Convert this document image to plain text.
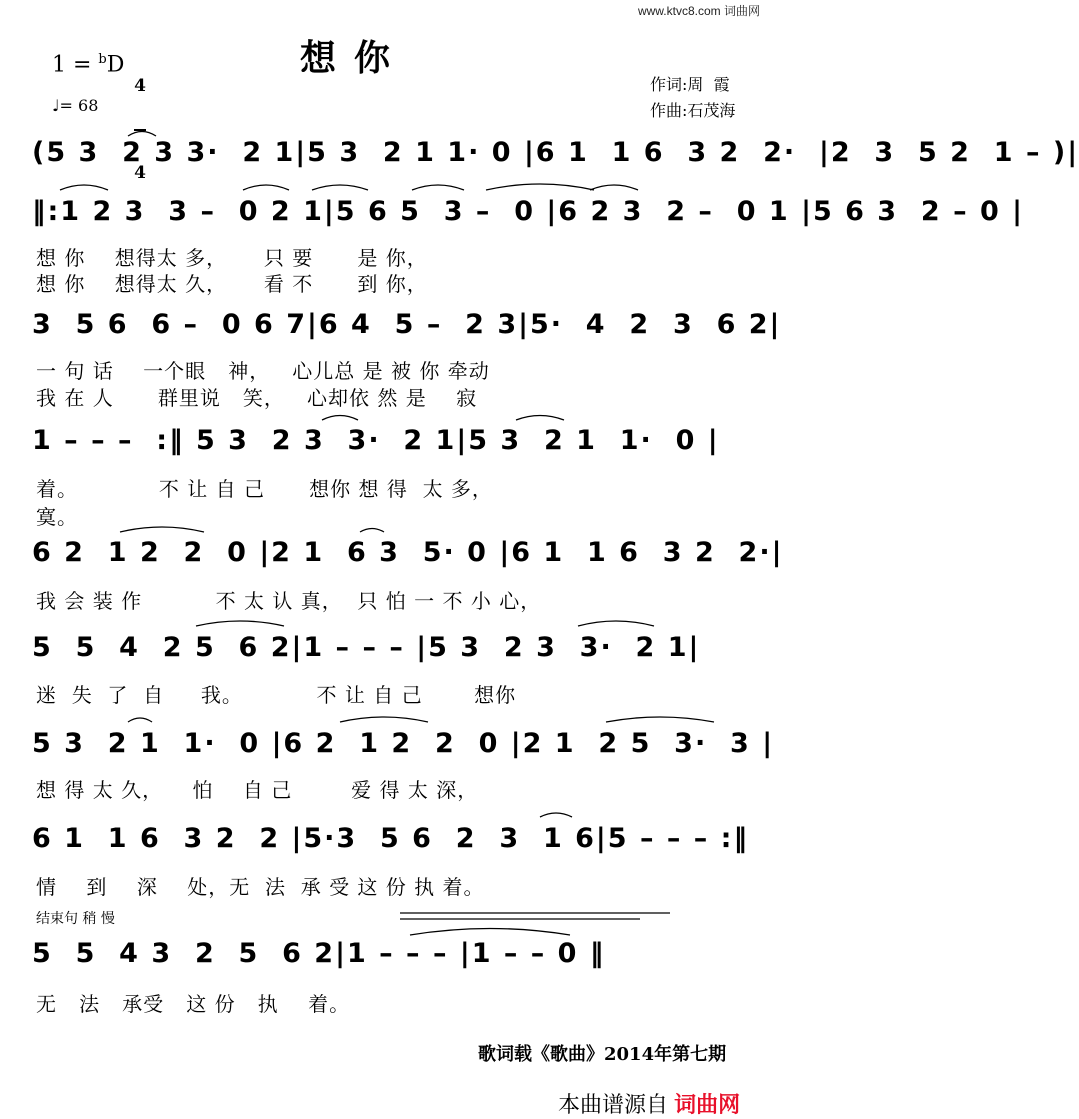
www.ktvc8.com 词曲网
1 = $^b$D

4

4

♩= 68
想你
作词:周  霞
作曲:石茂海
(5 3  2 3 3·  2 1|5 3  2 1 1· 0 |6 1  1 6  3 2  2·  |2  3  5 2  1 – )|
‖:1 2 3  3 –  0 2 1|5 6 5  3 –  0 |6 2 3  2 –  0 1 |5 6 3  2 – 0 |
想 你    想得太 多，     只 要      是 你，
想 你    想得太 久，     看 不      到 你，
3  5 6  6 –  0 6 7|6 4  5 –  2 3|5·  4  2  3  6 2|
一 句 话    一个眼   神，   心儿总 是 被 你 牵动
我 在 人      群里说   笑，   心却依 然 是    寂
1 – – –  :‖ 5 3  2 3  3·  2 1|5 3  2 1  1·  0 |
着。           不 让 自 己      想你 想 得  太 多，
寞。
6 2  1 2  2  0 |2 1  6 3  5· 0 |6 1  1 6  3 2  2·|
我 会 装 作          不 太 认 真，  只 怕 一 不 小 心，
5  5  4  2 5  6 2|1 – – – |5 3  2 3  3·  2 1|
迷  失  了  自     我。          不 让 自 己       想你
5 3  2 1  1·  0 |6 2  1 2  2  0 |2 1  2 5  3·  3 |
想 得 太 久，    怕    自 己        爱 得 太 深，
6 1  1 6  3 2  2 |5·3  5 6  2  3  1 6|5 – – – :‖
情    到    深    处，无  法  承 受 这 份 执 着。
结束句 稍 慢
5  5  4 3  2  5  6 2|1 – – – |1 – – 0 ‖
无   法   承受   这 份   执    着。
歌词载《歌曲》2014年第七期
本曲谱源自 词曲网
